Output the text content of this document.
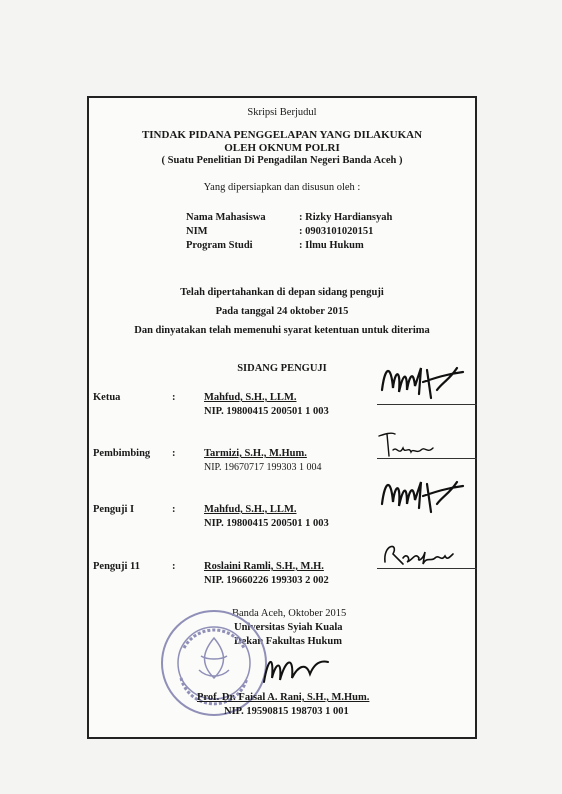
Skripsi Berjudul
TINDAK PIDANA PENGGELAPAN YANG DILAKUKAN
OLEH OKNUM POLRI
( Suatu Penelitian Di Pengadilan Negeri Banda Aceh )
Yang dipersiapkan dan disusun oleh :
Nama Mahasiswa	: Rizky Hardiansyah
NIM	: 0903101020151
Program Studi	: Ilmu Hukum
Telah dipertahankan di depan sidang penguji
Pada tanggal 24 oktober 2015
Dan dinyatakan telah memenuhi syarat ketentuan untuk diterima
SIDANG PENGUJI
Ketua	:	Mahfud, S.H., LLM.
NIP. 19800415 200501 1 003
Pembimbing :	Tarmizi, S.H., M.Hum.
NIP. 19670717 199303 1 004
Penguji I	:	Mahfud, S.H., LLM.
NIP. 19800415 200501 1 003
Penguji 11	:	Roslaini Ramli, S.H., M.H.
NIP. 19660226 199303 2 002
Banda Aceh, Oktober 2015
Universitas Syiah Kuala
Dekan Fakultas Hukum
Prof. Dr. Faisal A. Rani, S.H., M.Hum.
NIP. 19590815 198703 1 001
